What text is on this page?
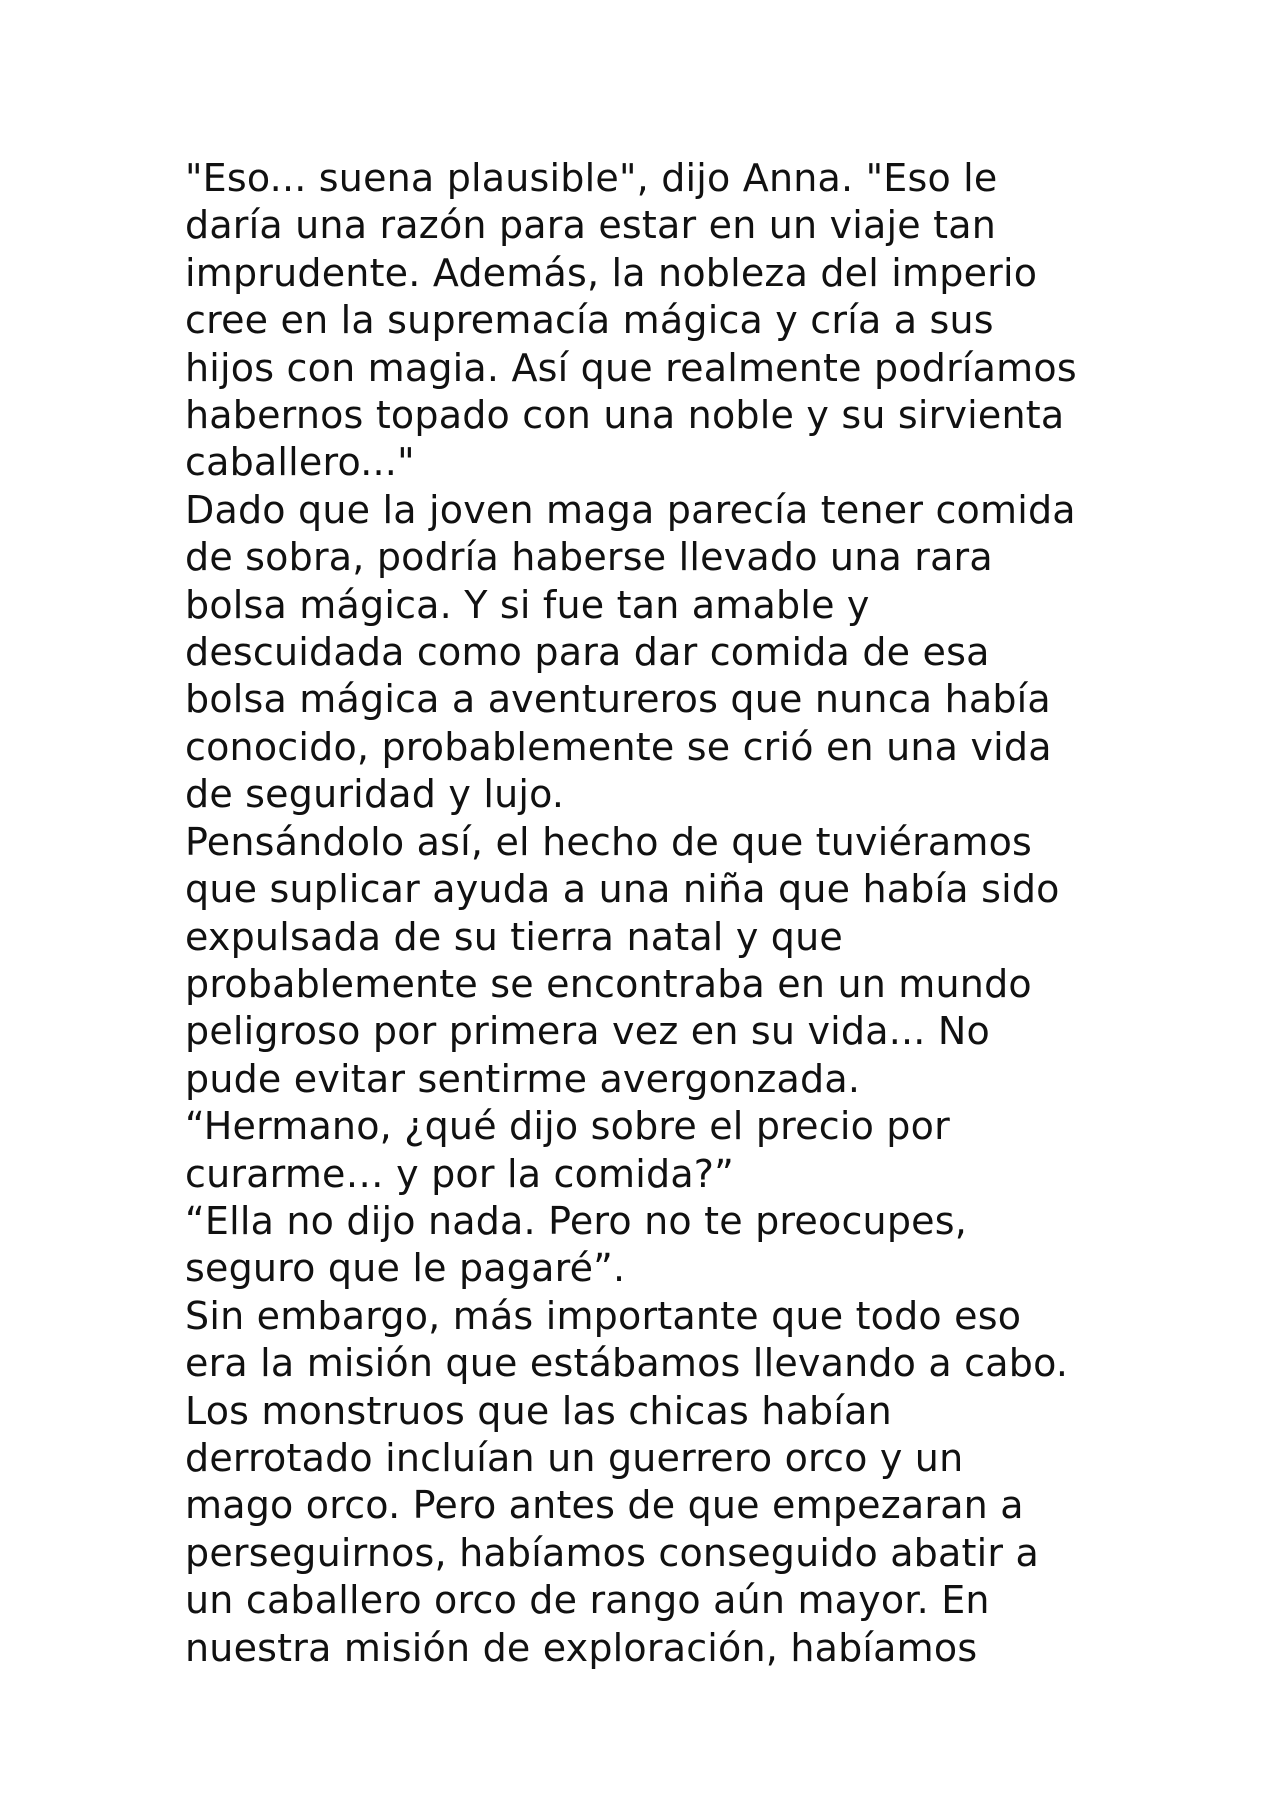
"Eso... suena plausible", dijo Anna. "Eso le
daría una razón para estar en un viaje tan
imprudente. Además, la nobleza del imperio
cree en la supremacía mágica y cría a sus
hijos con magia. Así que realmente podríamos
habernos topado con una noble y su sirvienta
caballero..."

Dado que la joven maga parecía tener comida
de sobra, podría haberse llevado una rara
bolsa mágica. Y si fue tan amable y
descuidada como para dar comida de esa
bolsa mágica a aventureros que nunca había
conocido, probablemente se crió en una vida
de seguridad y lujo.

Pensándolo así, el hecho de que tuviéramos
que suplicar ayuda a una niña que había sido
expulsada de su tierra natal y que
probablemente se encontraba en un mundo
peligroso por primera vez en su vida... No
pude evitar sentirme avergonzada.

“Hermano, ¿qué dijo sobre el precio por
curarme… y por la comida?”

“Ella no dijo nada. Pero no te preocupes,
seguro que le pagaré”.

Sin embargo, más importante que todo eso
era la misión que estábamos llevando a cabo.
Los monstruos que las chicas habían
derrotado incluían un guerrero orco y un
mago orco. Pero antes de que empezaran a
perseguirnos, habíamos conseguido abatir a
un caballero orco de rango aún mayor. En
nuestra misión de exploración, habíamos
